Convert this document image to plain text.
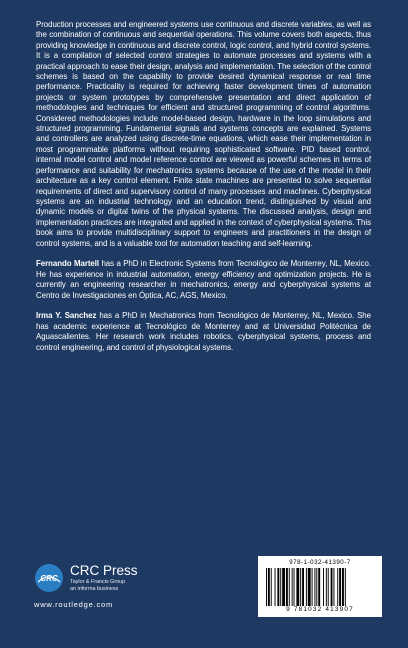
Production processes and engineered systems use continuous and discrete variables, as well as the combination of continuous and sequential operations. This volume covers both aspects, thus providing knowledge in continuous and discrete control, logic control, and hybrid control systems. It is a compilation of selected control strategies to automate processes and systems with a practical approach to ease their design, analysis and implementation. The selection of the control schemes is based on the capability to provide desired dynamical response or real time performance. Practicality is required for achieving faster development times of automation projects or system prototypes by comprehensive presentation and direct application of methodologies and techniques for efficient and structured programming of control algorithms. Considered methodologies include model-based design, hardware in the loop simulations and structured programming. Fundamental signals and systems concepts are explained. Systems and controllers are analyzed using discrete-time equations, which ease their implementation in most programmable platforms without requiring sophisticated software. PID based control, internal model control and model reference control are viewed as powerful schemes in terms of performance and suitability for mechatronics systems because of the use of the model in their architecture as a key control element. Finite state machines are presented to solve sequential requirements of direct and supervisory control of many processes and machines. Cyberphysical systems are an industrial technology and an education trend, distinguished by visual and dynamic models or digital twins of the physical systems. The discussed analysis, design and implementation practices are integrated and applied in the context of cyberphysical systems. This book aims to provide multidisciplinary support to engineers and practitioners in the design of control systems, and is a valuable tool for automation teaching and self-learning.

Fernando Martell has a PhD in Electronic Systems from Tecnológico de Monterrey, NL, Mexico. He has experience in industrial automation, energy efficiency and optimization projects. He is currently an engineering researcher in mechatronics, energy and cyberphysical systems at Centro de Investigaciones en Óptica, AC, AGS, Mexico.

Irma Y. Sanchez has a PhD in Mechatronics from Tecnológico de Monterrey, NL, Mexico. She has academic experience at Tecnológico de Monterrey and at Universidad Politécnica de Aguascalientes. Her research work includes robotics, cyberphysical systems, process and control engineering, and control of physiological systems.

CRC
CRC Press
Taylor & Francis Group
an informa business
www.routledge.com
978-1-032-41390-7
9 781032 413907
